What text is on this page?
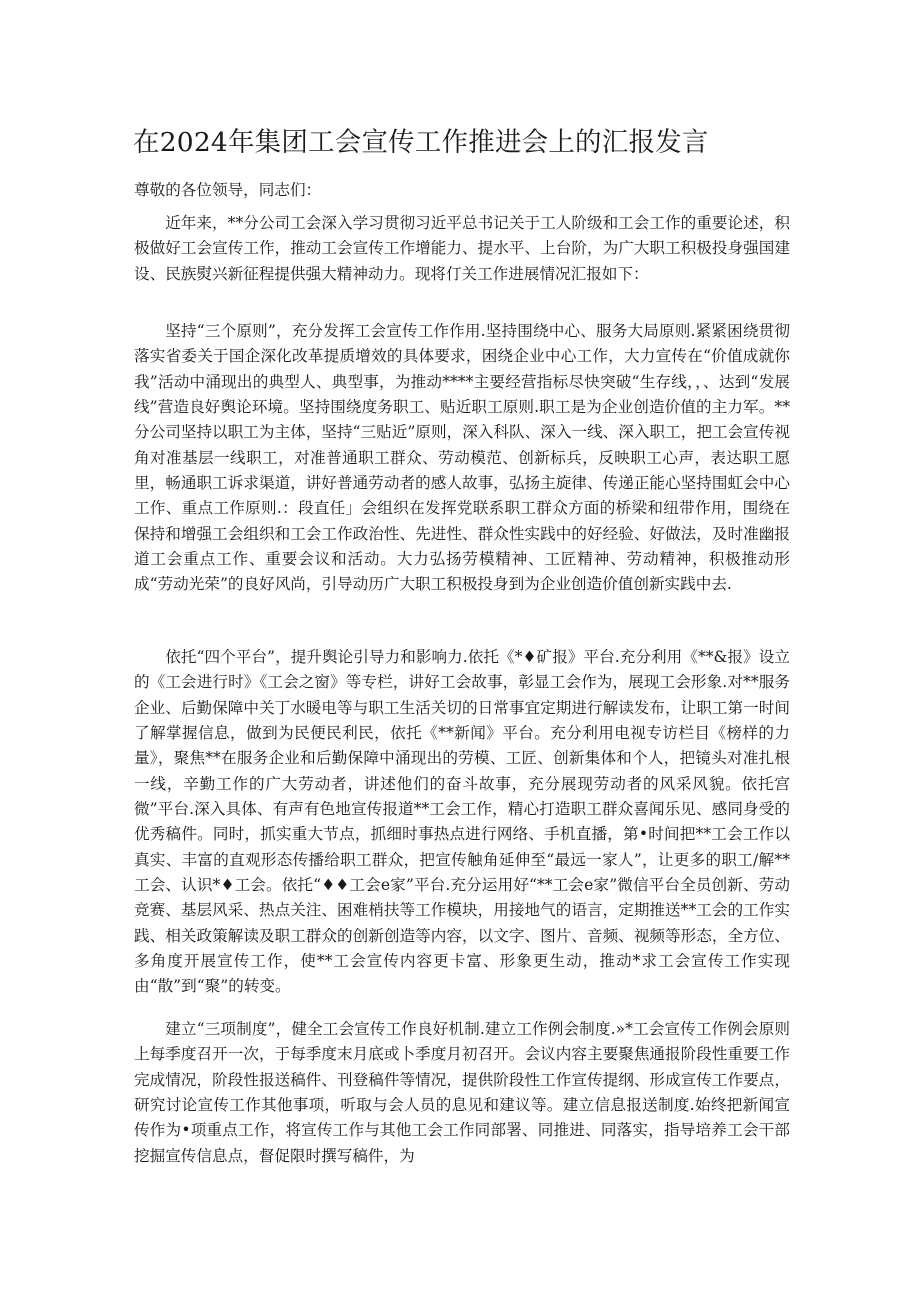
在2024年集团工会宣传工作推进会上的汇报发言

尊敬的各位领导，同志们：

近年来，**分公司工会深入学习贯彻习近平总书记关于工人阶级和工会工作的重要论述，积极做好工会宣传工作，推动工会宣传工作增能力、提水平、上台阶，为广大职工积极投身强国建设、民族熨兴新征程提供强大精神动力。现将仃关工作进展情况汇报如下：

坚持“三个原则”，充分发挥工会宣传工作作用.坚持围绕中心、服务大局原则.紧紧困绕贯彻落实省委关于国企深化改革提质增效的具体要求，困绕企业中心工作，大力宣传在“价值成就你我”活动中涌现出的典型人、典型事，为推动****主要经营指标尽快突破“生存线，，、达到“发展线”营造良好舆论环境。坚持围绕度务职工、贴近职工原则.职工是为企业创造价值的主力军。**分公司坚持以职工为主体，坚持“三贴近”原则，深入科队、深入一线、深入职工，把工会宣传视角对准基层一线职工，对准普通职工群众、劳动模范、创新标兵，反映职工心声，表达职工愿里，畅通职工诉求渠道，讲好普通劳动者的感人故事，弘扬主旋律、传递正能心坚持围虹会中心工作、重点工作原则.：段直任」会组织在发挥党联系职工群众方面的桥梁和纽带作用，围绕在保持和增强工会组织和工会工作政治性、先进性、群众性实践中的好经验、好做法，及时准幽报道工会重点工作、重要会议和活动。大力弘扬劳模精神、工匠精神、劳动精神，积极推动形成“劳动光荣”的良好风尚，引导动历广大职工积极投身到为企业创造价值创新实践中去.

依托“四个平台”，提升舆论引导力和影响力.依托《*♦矿报》平台.充分利用《**&报》设立的《工会进行时》《工会之窗》等专栏，讲好工会故事，彰显工会作为，展现工会形象.对**服务企业、后勤保障中关丁水暖电等与职工生活关切的日常事宜定期进行解读发布，让职工第一时间了解掌握信息，做到为民便民利民，依托《**新闻》平台。充分利用电视专访栏目《榜样的力量》，聚焦**在服务企业和后勤保障中涌现出的劳模、工匠、创新集体和个人，把镜头对准扎根一线，辛勤工作的广大劳动者，讲述他们的奋斗故事，充分展现劳动者的风采风貌。依托宫微”平台.深入具体、有声有色地宣传报道**工会工作，精心打造职工群众喜闻乐见、感同身受的优秀稿件。同时，抓实重大节点，抓细时事热点进行网络、手机直播，第•时间把**工会工作以真实、丰富的直观形态传播给职工群众，把宣传触角延伸至“最远一家人”，让更多的职工/解**工会、认识*♦工会。依托“♦♦工会e家”平台.充分运用好“**工会e家”微信平台全员创新、劳动竞赛、基层风采、热点关注、困难梢扶等工作模块，用接地气的语言，定期推送**工会的工作实践、相关政策解读及职工群众的创新创造等内容，以文字、图片、音频、视频等形态，全方位、多角度开展宣传工作，使**工会宣传内容更卡富、形象更生动，推动*求工会宣传工作实现由“散”到“聚”的转变。

建立“三项制度”，健全工会宣传工作良好机制.建立工作例会制度.»*工会宣传工作例会原则上每季度召开一次，于每季度末月底或卜季度月初召开。会议内容主要聚焦通报阶段性重要工作完成情况，阶段性报送稿件、刊登稿件等情况，提供阶段性工作宣传提纲、形成宣传工作要点，研究讨论宣传工作其他事项，听取与会人员的息见和建议等。建立信息报送制度.始终把新闻宣传作为•项重点工作，将宣传工作与其他工会工作同部署、同推进、同落实，指导培养工会干部挖掘宣传信息点，督促限时撰写稿件，为
